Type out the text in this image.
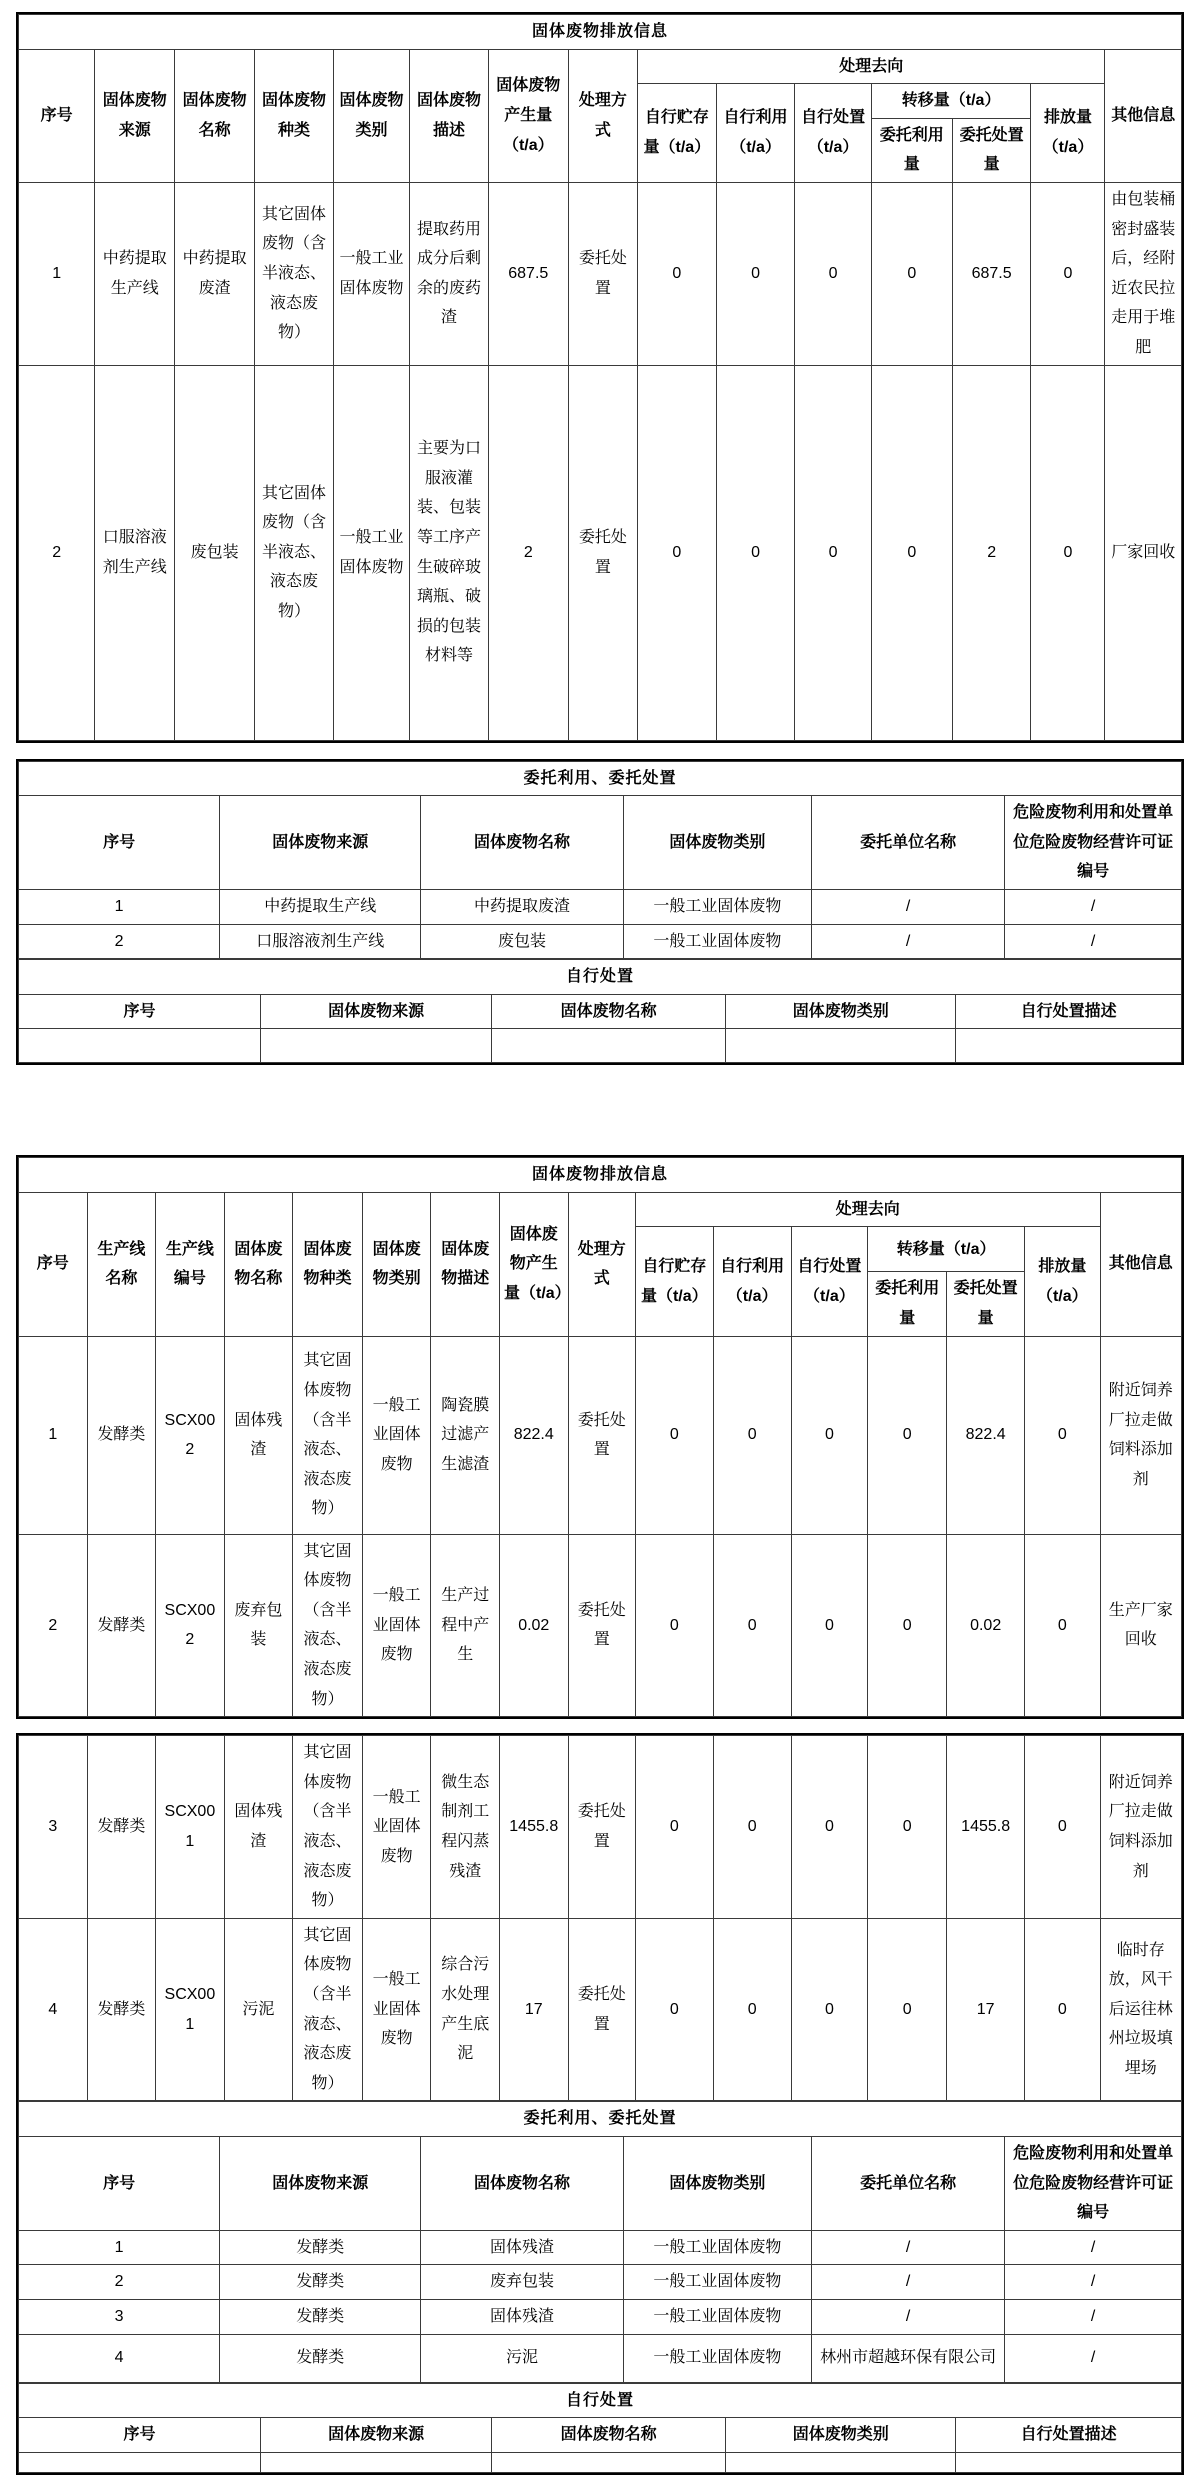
固体废物排放信息														
序号	固体废物来源	固体废物名称	固体废物种类	固体废物类别	固体废物描述	固体废物产生量（t/a）	处理方式	处理去向						其他信息
								自行贮存量（t/a）	自行利用（t/a）	自行处置（t/a）	转移量（t/a）		排放量（t/a）	
											委托利用量	委托处置量		
1	中药提取生产线	中药提取废渣	其它固体废物（含半液态、液态废物）	一般工业固体废物	提取药用成分后剩余的废药渣	687.5	委托处置	0	0	0	0	687.5	0	由包装桶密封盛装后，经附近农民拉走用于堆肥
2	口服溶液剂生产线	废包装	其它固体废物（含半液态、液态废物）	一般工业固体废物	主要为口服液灌装、包装等工序产生破碎玻璃瓶、破损的包装材料等	2	委托处置	0	0	0	0	2	0	厂家回收
委托利用、委托处置					
序号	固体废物来源	固体废物名称	固体废物类别	委托单位名称	危险废物利用和处置单位危险废物经营许可证编号
1	中药提取生产线	中药提取废渣	一般工业固体废物	/	/
2	口服溶液剂生产线	废包装	一般工业固体废物	/	/
自行处置				
序号	固体废物来源	固体废物名称	固体废物类别	自行处置描述

固体废物排放信息															
序号	生产线名称	生产线编号	固体废物名称	固体废物种类	固体废物类别	固体废物描述	固体废物产生量（t/a）	处理方式	处理去向						其他信息
									自行贮存量（t/a）	自行利用（t/a）	自行处置（t/a）	转移量（t/a）		排放量（t/a）	
												委托利用量	委托处置量		
1	发酵类	SCX002	固体残渣	其它固体废物（含半液态、液态废物）	一般工业固体废物	陶瓷膜过滤产生滤渣	822.4	委托处置	0	0	0	0	822.4	0	附近饲养厂拉走做饲料添加剂
2	发酵类	SCX002	废弃包装	其它固体废物（含半液态、液态废物）	一般工业固体废物	生产过程中产生	0.02	委托处置	0	0	0	0	0.02	0	生产厂家回收
3	发酵类	SCX001	固体残渣	其它固体废物（含半液态、液态废物）	一般工业固体废物	微生态制剂工程闪蒸残渣	1455.8	委托处置	0	0	0	0	1455.8	0	附近饲养厂拉走做饲料添加剂
4	发酵类	SCX001	污泥	其它固体废物（含半液态、液态废物）	一般工业固体废物	综合污水处理产生底泥	17	委托处置	0	0	0	0	17	0	临时存放，风干后运往林州垃圾填埋场
委托利用、委托处置					
序号	固体废物来源	固体废物名称	固体废物类别	委托单位名称	危险废物利用和处置单位危险废物经营许可证编号
1	发酵类	固体残渣	一般工业固体废物	/	/
2	发酵类	废弃包装	一般工业固体废物	/	/
3	发酵类	固体残渣	一般工业固体废物	/	/
4	发酵类	污泥	一般工业固体废物	林州市超越环保有限公司	/
自行处置				
序号	固体废物来源	固体废物名称	固体废物类别	自行处置描述
